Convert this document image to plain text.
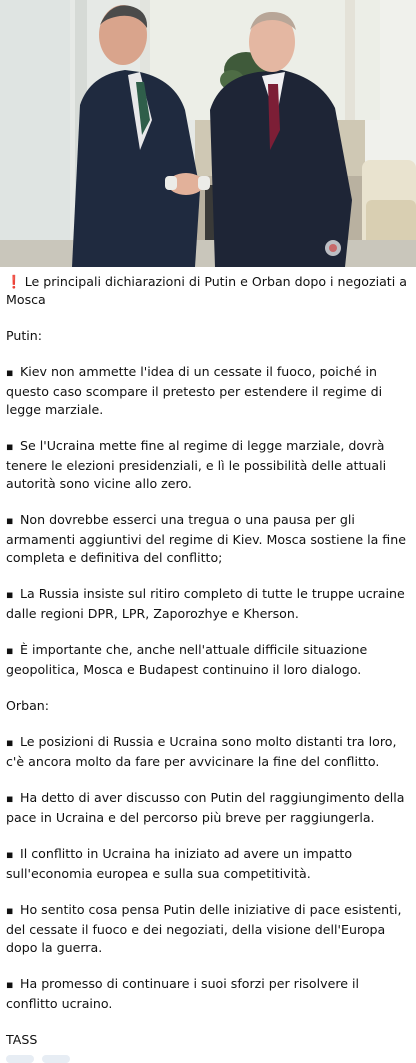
❗ Le principali dichiarazioni di Putin e Orban dopo i negoziati a Mosca

Putin:

◾ Kiev non ammette l'idea di un cessate il fuoco, poiché in questo caso scompare il pretesto per estendere il regime di legge marziale.

◾ Se l'Ucraina mette fine al regime di legge marziale, dovrà tenere le elezioni presidenziali, e lì le possibilità delle attuali autorità sono vicine allo zero.

◾ Non dovrebbe esserci una tregua o una pausa per gli armamenti aggiuntivi del regime di Kiev. Mosca sostiene la fine completa e definitiva del conflitto;

◾ La Russia insiste sul ritiro completo di tutte le truppe ucraine dalle regioni DPR, LPR, Zaporozhye e Kherson.

◾ È importante che, anche nell'attuale difficile situazione geopolitica, Mosca e Budapest continuino il loro dialogo.

Orban:

◾ Le posizioni di Russia e Ucraina sono molto distanti tra loro, c'è ancora molto da fare per avvicinare la fine del conflitto.

◾ Ha detto di aver discusso con Putin del raggiungimento della pace in Ucraina e del percorso più breve per raggiungerla.

◾ Il conflitto in Ucraina ha iniziato ad avere un impatto sull'economia europea e sulla sua competitività.

◾ Ho sentito cosa pensa Putin delle iniziative di pace esistenti, del cessate il fuoco e dei negoziati, della visione dell'Europa dopo la guerra.

◾ Ha promesso di continuare i suoi sforzi per risolvere il conflitto ucraino.

TASS
